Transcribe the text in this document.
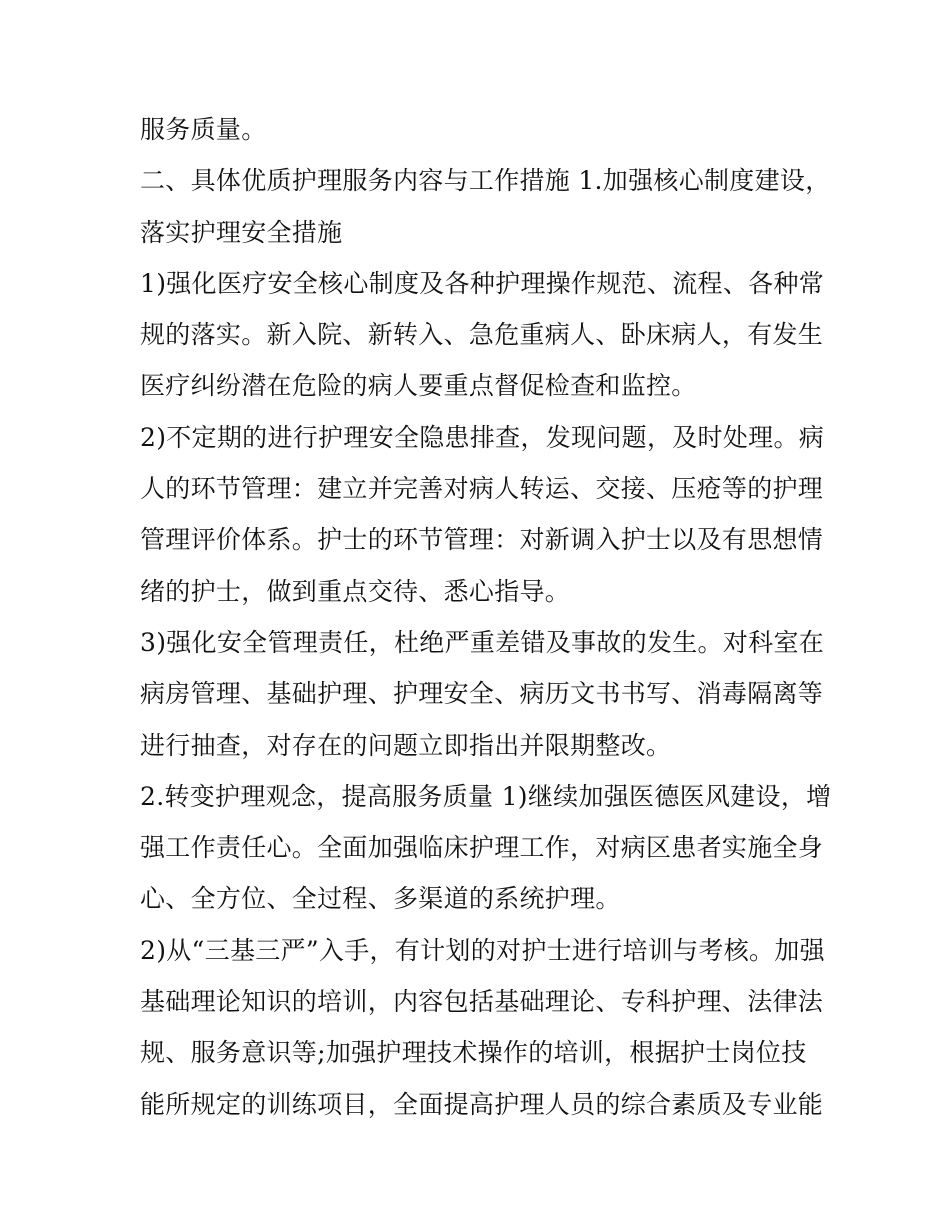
服务质量。
二、具体优质护理服务内容与工作措施 1.加强核心制度建设，
落实护理安全措施
1)强化医疗安全核心制度及各种护理操作规范、流程、各种常
规的落实。新入院、新转入、急危重病人、卧床病人，有发生
医疗纠纷潜在危险的病人要重点督促检查和监控。
2)不定期的进行护理安全隐患排查，发现问题，及时处理。病
人的环节管理：建立并完善对病人转运、交接、压疮等的护理
管理评价体系。护士的环节管理：对新调入护士以及有思想情
绪的护士，做到重点交待、悉心指导。
3)强化安全管理责任，杜绝严重差错及事故的发生。对科室在
病房管理、基础护理、护理安全、病历文书书写、消毒隔离等
进行抽查，对存在的问题立即指出并限期整改。
2.转变护理观念，提高服务质量 1)继续加强医德医风建设，增
强工作责任心。全面加强临床护理工作，对病区患者实施全身
心、全方位、全过程、多渠道的系统护理。
2)从“三基三严”入手，有计划的对护士进行培训与考核。加强
基础理论知识的培训，内容包括基础理论、专科护理、法律法
规、服务意识等;加强护理技术操作的培训，根据护士岗位技
能所规定的训练项目，全面提高护理人员的综合素质及专业能
